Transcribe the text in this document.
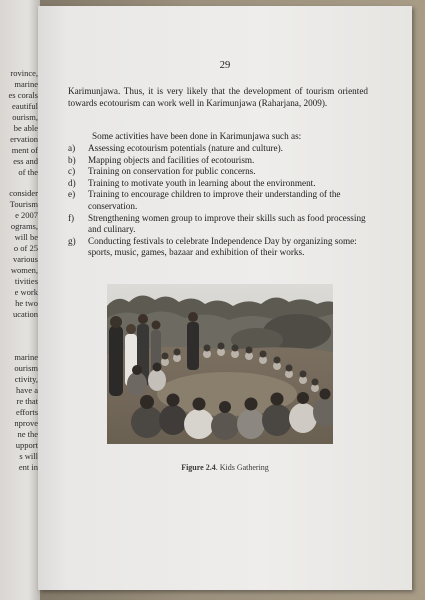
rovince,
marine
es corals
eautiful
ourism,
be able
ervation
ment of
ess and
of the
consider
Tourism
e 2007
ograms,
will be
o of 25
various
women,
tivities
e work
he two
ucation
marine
ourism
ctivity,
have a
re that
efforts
nprove
ne the
upport
s will
ent in
29
Karimunjawa. Thus, it is very likely that the development of tourism oriented towards ecotourism can work well in Karimunjawa (Raharjana, 2009).
Some activities have been done in Karimunjawa such as:
a)	Assessing ecotourism potentials (nature and culture).
b)	Mapping objects and facilities of ecotourism.
c)	Training on conservation for public concerns.
d)	Training to motivate youth in learning about the environment.
e)	Training to encourage children to improve their understanding of the conservation.
f)	Strengthening women group to improve their skills such as food processing and culinary.
g)	Conducting festivals to celebrate Independence Day by organizing some: sports, music, games, bazaar and exhibition of their works.
Figure 2.4. Kids Gathering
